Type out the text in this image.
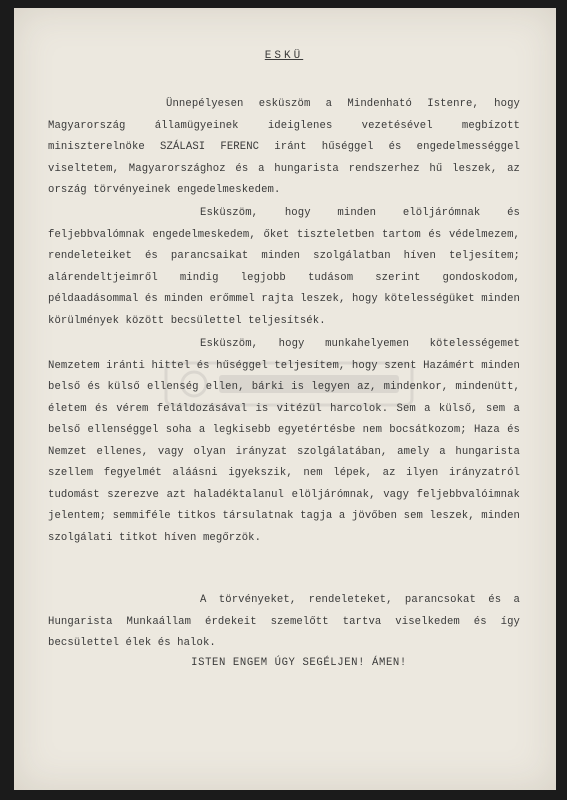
ESKÜ

Ünnepélyesen esküszöm a Mindenható Istenre, hogy Magyarország államügyeinek ideiglenes vezetésével megbízott miniszterelnöke SZÁLASI FERENC iránt hűséggel és engedelmességgel viseltetem, Magyarországhoz és a hungarista rendszerhez hű leszek, az ország törvényeinek engedelmeskedem.

Esküszöm, hogy minden elöljárómnak és feljebbvalómnak engedelmeskedem, őket tiszteletben tartom és védelmezem, rendeleteiket és parancsaikat minden szolgálatban híven teljesítem; alárendeltjeimről mindig legjobb tudásom szerint gondoskodom, példaadásommal és minden erőmmel rajta leszek, hogy kötelességüket minden körülmények között becsülettel teljesítsék.

Esküszöm, hogy munkahelyemen kötelességemet Nemzetem iránti hittel és hűséggel teljesítem, hogy szent Hazámért minden belső és külső ellenség ellen, bárki is legyen az, mindenkor, mindenütt, életem és vérem feláldozásával is vitézül harcolok. Sem a külső, sem a belső ellenséggel soha a legkisebb egyetértésbe nem bocsátkozom; Haza és Nemzet ellenes, vagy olyan irányzat szolgálatában, amely a hungarista szellem fegyelmét aláásni igyekszik, nem lépek, az ilyen irányzatról tudomást szerezve azt haladéktalanul elöljárómnak, vagy feljebbvalóimnak jelentem; semmiféle titkos társulatnak tagja a jövőben sem leszek, minden szolgálati titkot híven megőrzök.

A törvényeket, rendeleteket, parancsokat és a Hungarista Munkaállam érdekeit szemelőtt tartva viselkedem és így becsülettel élek és halok.

ISTEN ENGEM ÚGY SEGÉLJEN! ÁMEN!
